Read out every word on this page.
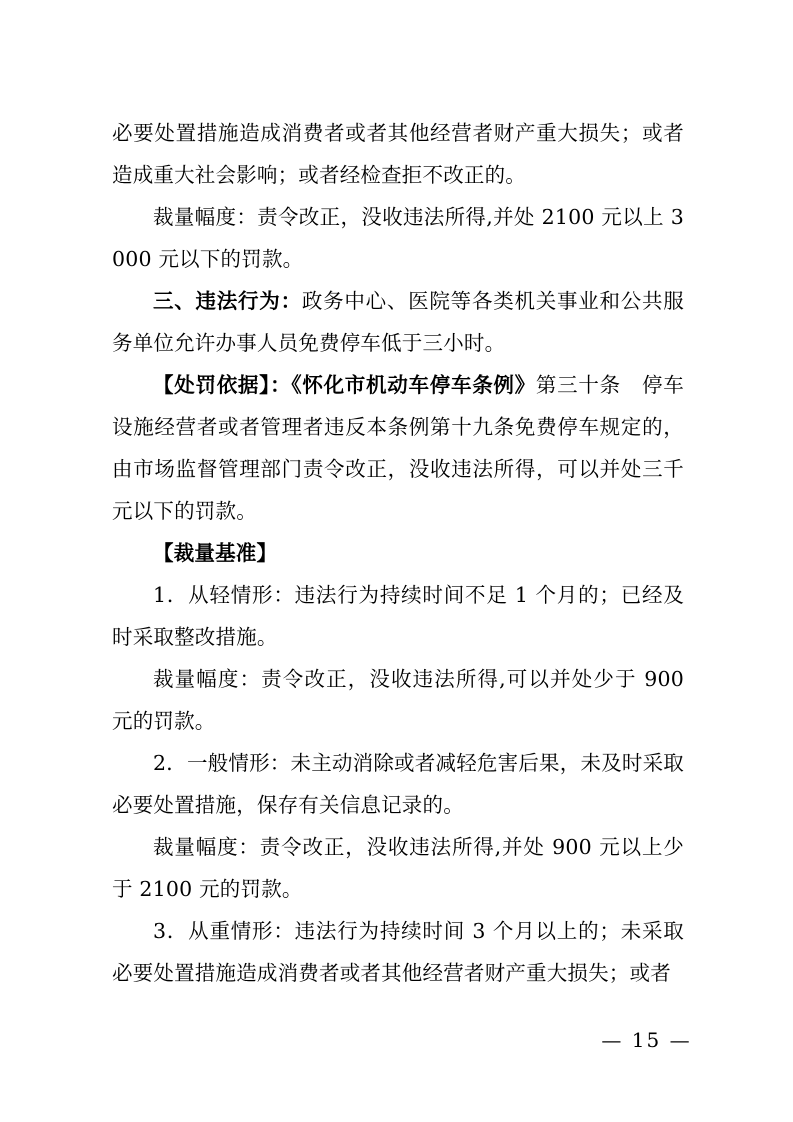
必要处置措施造成消费者或者其他经营者财产重大损失；或者造成重大社会影响；或者经检查拒不改正的。

裁量幅度：责令改正，没收违法所得,并处 2100 元以上 3000 元以下的罚款。

三、违法行为：政务中心、医院等各类机关事业和公共服务单位允许办事人员免费停车低于三小时。

【处罚依据】：《怀化市机动车停车条例》第三十条　停车设施经营者或者管理者违反本条例第十九条免费停车规定的，由市场监督管理部门责令改正，没收违法所得，可以并处三千元以下的罚款。

【裁量基准】

1．从轻情形：违法行为持续时间不足 1 个月的；已经及时采取整改措施。

裁量幅度：责令改正，没收违法所得,可以并处少于 900 元的罚款。

2．一般情形：未主动消除或者减轻危害后果，未及时采取必要处置措施，保存有关信息记录的。

裁量幅度：责令改正，没收违法所得,并处 900 元以上少于 2100 元的罚款。

3．从重情形：违法行为持续时间 3 个月以上的；未采取必要处置措施造成消费者或者其他经营者财产重大损失；或者

— 15 —
